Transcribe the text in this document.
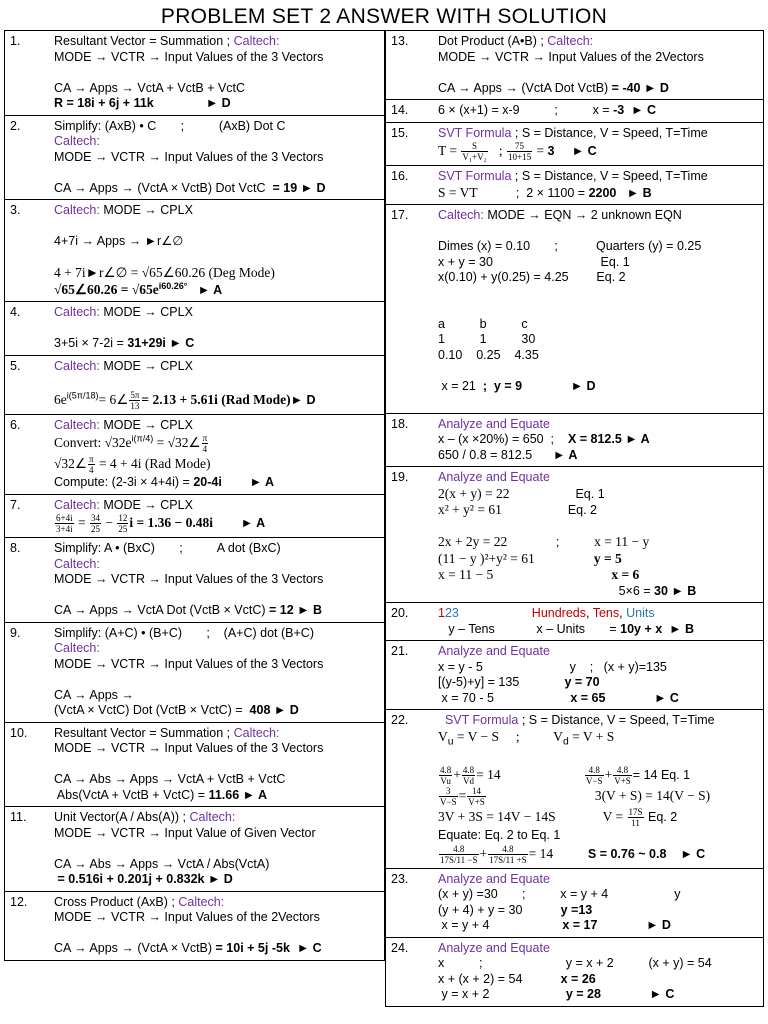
PROBLEM SET 2 ANSWER WITH SOLUTION
1.	Resultant Vector = Summation ; Caltech:
MODE → VCTR → Input Values of the 3 Vectors
CA → Apps → VctA + VctB + VctC
R = 18i + 6j + 11k               ► D
2.	Simplify: (AxB) • C       ;          (AxB) Dot C
Caltech:
MODE → VCTR → Input Values of the 3 Vectors
CA → Apps → (VctA × VctB) Dot VctC  = 19 ► D
3.	Caltech: MODE → CPLX
4+7i → Apps → ►r∠∅
4 + 7i►r∠∅ = √65∠60.26 (Deg Mode)
√65∠60.26 = $√65e^{i60.26^\circ}$   ► A
4.	Caltech: MODE → CPLX
3+5i × 7-2i = 31+29i ► C
5.	Caltech: MODE → CPLX
$6e^{i(5\pi/18)}=$ 6∠ $\frac{5\pi}{13} = 2.13 + 5.61i$ (Rad Mode)► D
6.	Caltech: MODE → CPLX
Convert: $√32e^{i(\pi/4)}$ = √32∠ $\frac{\pi}{4}$
√32∠ $\frac{\pi}{4} = 4 + 4i$ (Rad Mode)
Compute: (2-3i × 4+4i) = 20-4i        ► A
7.	Caltech: MODE → CPLX
$\frac{6+4i}{3+4i} = \frac{34}{25} - \frac{12}{25}$ i = 1.36 − 0.48i        ► A
8.	Simplify: A • (BxC)       ;          A dot (BxC)
Caltech:
MODE → VCTR → Input Values of the 3 Vectors
CA → Apps → VctA Dot (VctB × VctC) = 12 ► B
9.	Simplify: (A+C) • (B+C)       ;    (A+C) dot (B+C)
Caltech:
MODE → VCTR → Input Values of the 3 Vectors
CA → Apps →
(VctA × VctC) Dot (VctB × VctC) =  408 ► D
10. Resultant Vector = Summation ; Caltech:
MODE → VCTR → Input Values of the 3 Vectors
CA → Abs → Apps → VctA + VctB + VctC
Abs(VctA + VctB + VctC) = 11.66 ► A
11. Unit Vector(A / Abs(A)) ; Caltech:
MODE → VCTR → Input Value of Given Vector
CA → Abs → Apps → VctA / Abs(VctA)
= 0.516i + 0.201j + 0.832k ► D
12. Cross Product (AxB) ; Caltech:
MODE → VCTR → Input Values of the 2Vectors
CA → Apps → (VctA × VctB) = 10i + 5j -5k  ► C
13. Dot Product (A•B) ; Caltech:
MODE → VCTR → Input Values of the 2Vectors
CA → Apps → (VctA Dot VctB) = -40 ► D
14. 6 × (x+1) = x-9          ;          x = -3  ► C
15. SVT Formula ; S = Distance, V = Speed, T=Time
$T = \frac{S}{\text{V₁+V₂}}$ ; $\frac{75}{10+15} = 3$     ► C
16. SVT Formula ; S = Distance, V = Speed, T=Time
S = VT           ;  2 × 1100 = 2200   ► B
17. Caltech: MODE → EQN → 2 unknown EQN
Dimes (x) = 0.10       ;           Quarters (y) = 0.25
x + y = 30                               Eq. 1
x(0.10) + y(0.25) = 4.25        Eq. 2
a          b          c
1          1          30
0.10    0.25    4.35
x = 21  ;  y = 9              ► D
18. Analyze and Equate
x – (x ×20%) = 650  ;    X = 812.5 ► A
650 / 0.8 = 812.5      ► A
19. Analyze and Equate
2(x + y) = 22                   Eq. 1
x² + y² = 61                   Eq. 2
2x + 2y = 22              ;          x = 11 − y
(11 − y )²+y² = 61	y = 5
x = 11 − 5	x = 6
5×6 = 30 ► B
20. 123	Hundreds, Tens, Units
y – Tens            x – Units       = 10y + x  ► B
21. Analyze and Equate
x = y - 5                         y    ;   (x + y)=135
[(y-5)+y] = 135             y = 70
x = 70 - 5                      x = 65              ► C
22. SVT Formula ; S = Distance, V = Speed, T=Time
$V_u = V - S$     ;          $V_d = V + S$
$\frac{4.8}{Vu} + \frac{4.8}{Vd} = 14$	$\frac{4.8}{V-S} + \frac{4.8}{V+S} = 14$ Eq. 1
$\frac{3}{V-S} = \frac{14}{V+S} 3(V + S) = 14(V - S)$
3V + 3S = 14V − 14S              $V = \frac{17S}{11} Eq$. 2
Equate: Eq. 2 to Eq. 1
$\frac{4.8}{17S/11 -S} + \frac{4.8}{17S/11 +S} = 14$	S = 0.76 ~ 0.8    ► C
23. Analyze and Equate
(x + y) =30       ;          x = y + 4                   y
(y + 4) + y = 30           y =13
x = y + 4                     x = 17              ► D
24. Analyze and Equate
x          ;                        y = x + 2          (x + y) = 54
x + (x + 2) = 54           x = 26
y = x + 2                      y = 28              ► C
